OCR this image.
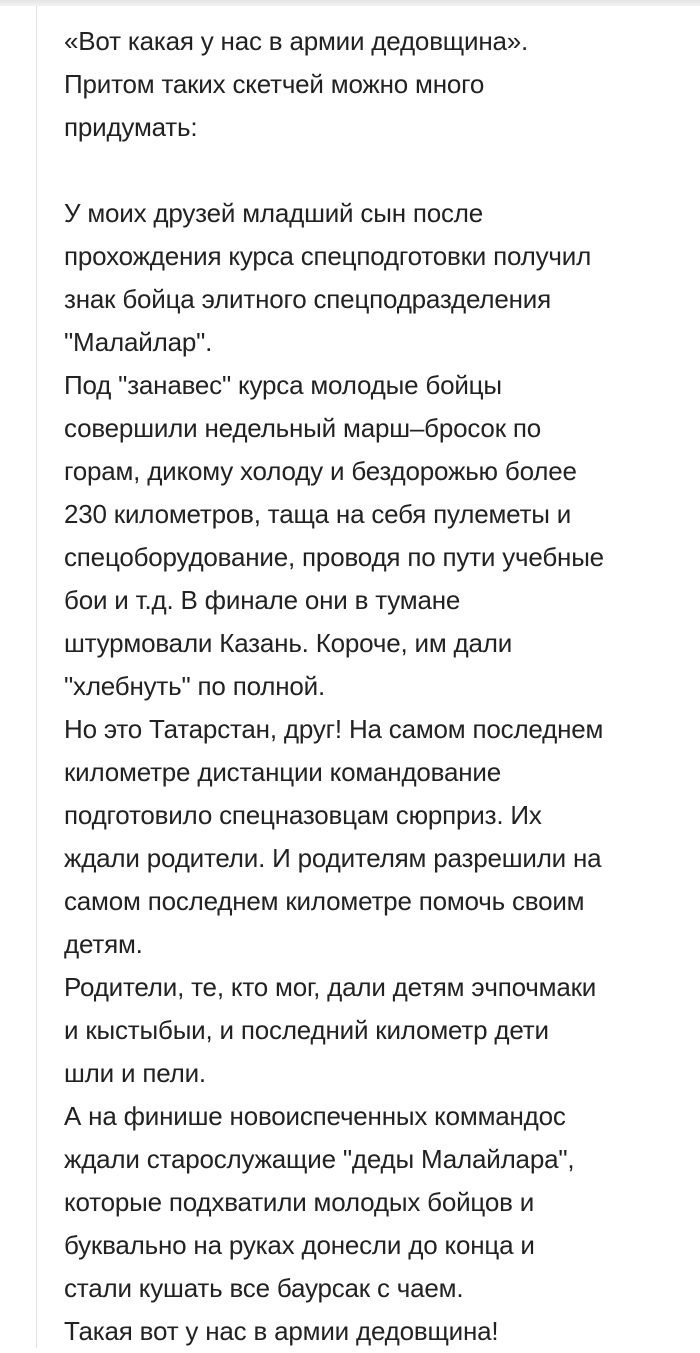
«Вот какая у нас в армии дедовщина».
Притом таких скетчей можно много
придумать:
У моих друзей младший сын после
прохождения курса спецподготовки получил
знак бойца элитного спецподразделения
"Малайлар".
Под "занавес" курса молодые бойцы
совершили недельный марш–бросок по
горам, дикому холоду и бездорожью более
230 километров, таща на себя пулеметы и
спецоборудование, проводя по пути учебные
бои и т.д. В финале они в тумане
штурмовали Казань. Короче, им дали
"хлебнуть" по полной.
Но это Татарстан, друг! На самом последнем
километре дистанции командование
подготовило спецназовцам сюрприз. Их
ждали родители. И родителям разрешили на
самом последнем километре помочь своим
детям.
Родители, те, кто мог, дали детям эчпочмаки
и кыстыбыи, и последний километр дети
шли и пели.
А на финише новоиспеченных коммандос
ждали старослужащие "деды Малайлара",
которые подхватили молодых бойцов и
буквально на руках донесли до конца и
стали кушать все баурсак с чаем.
Такая вот у нас в армии дедовщина!
